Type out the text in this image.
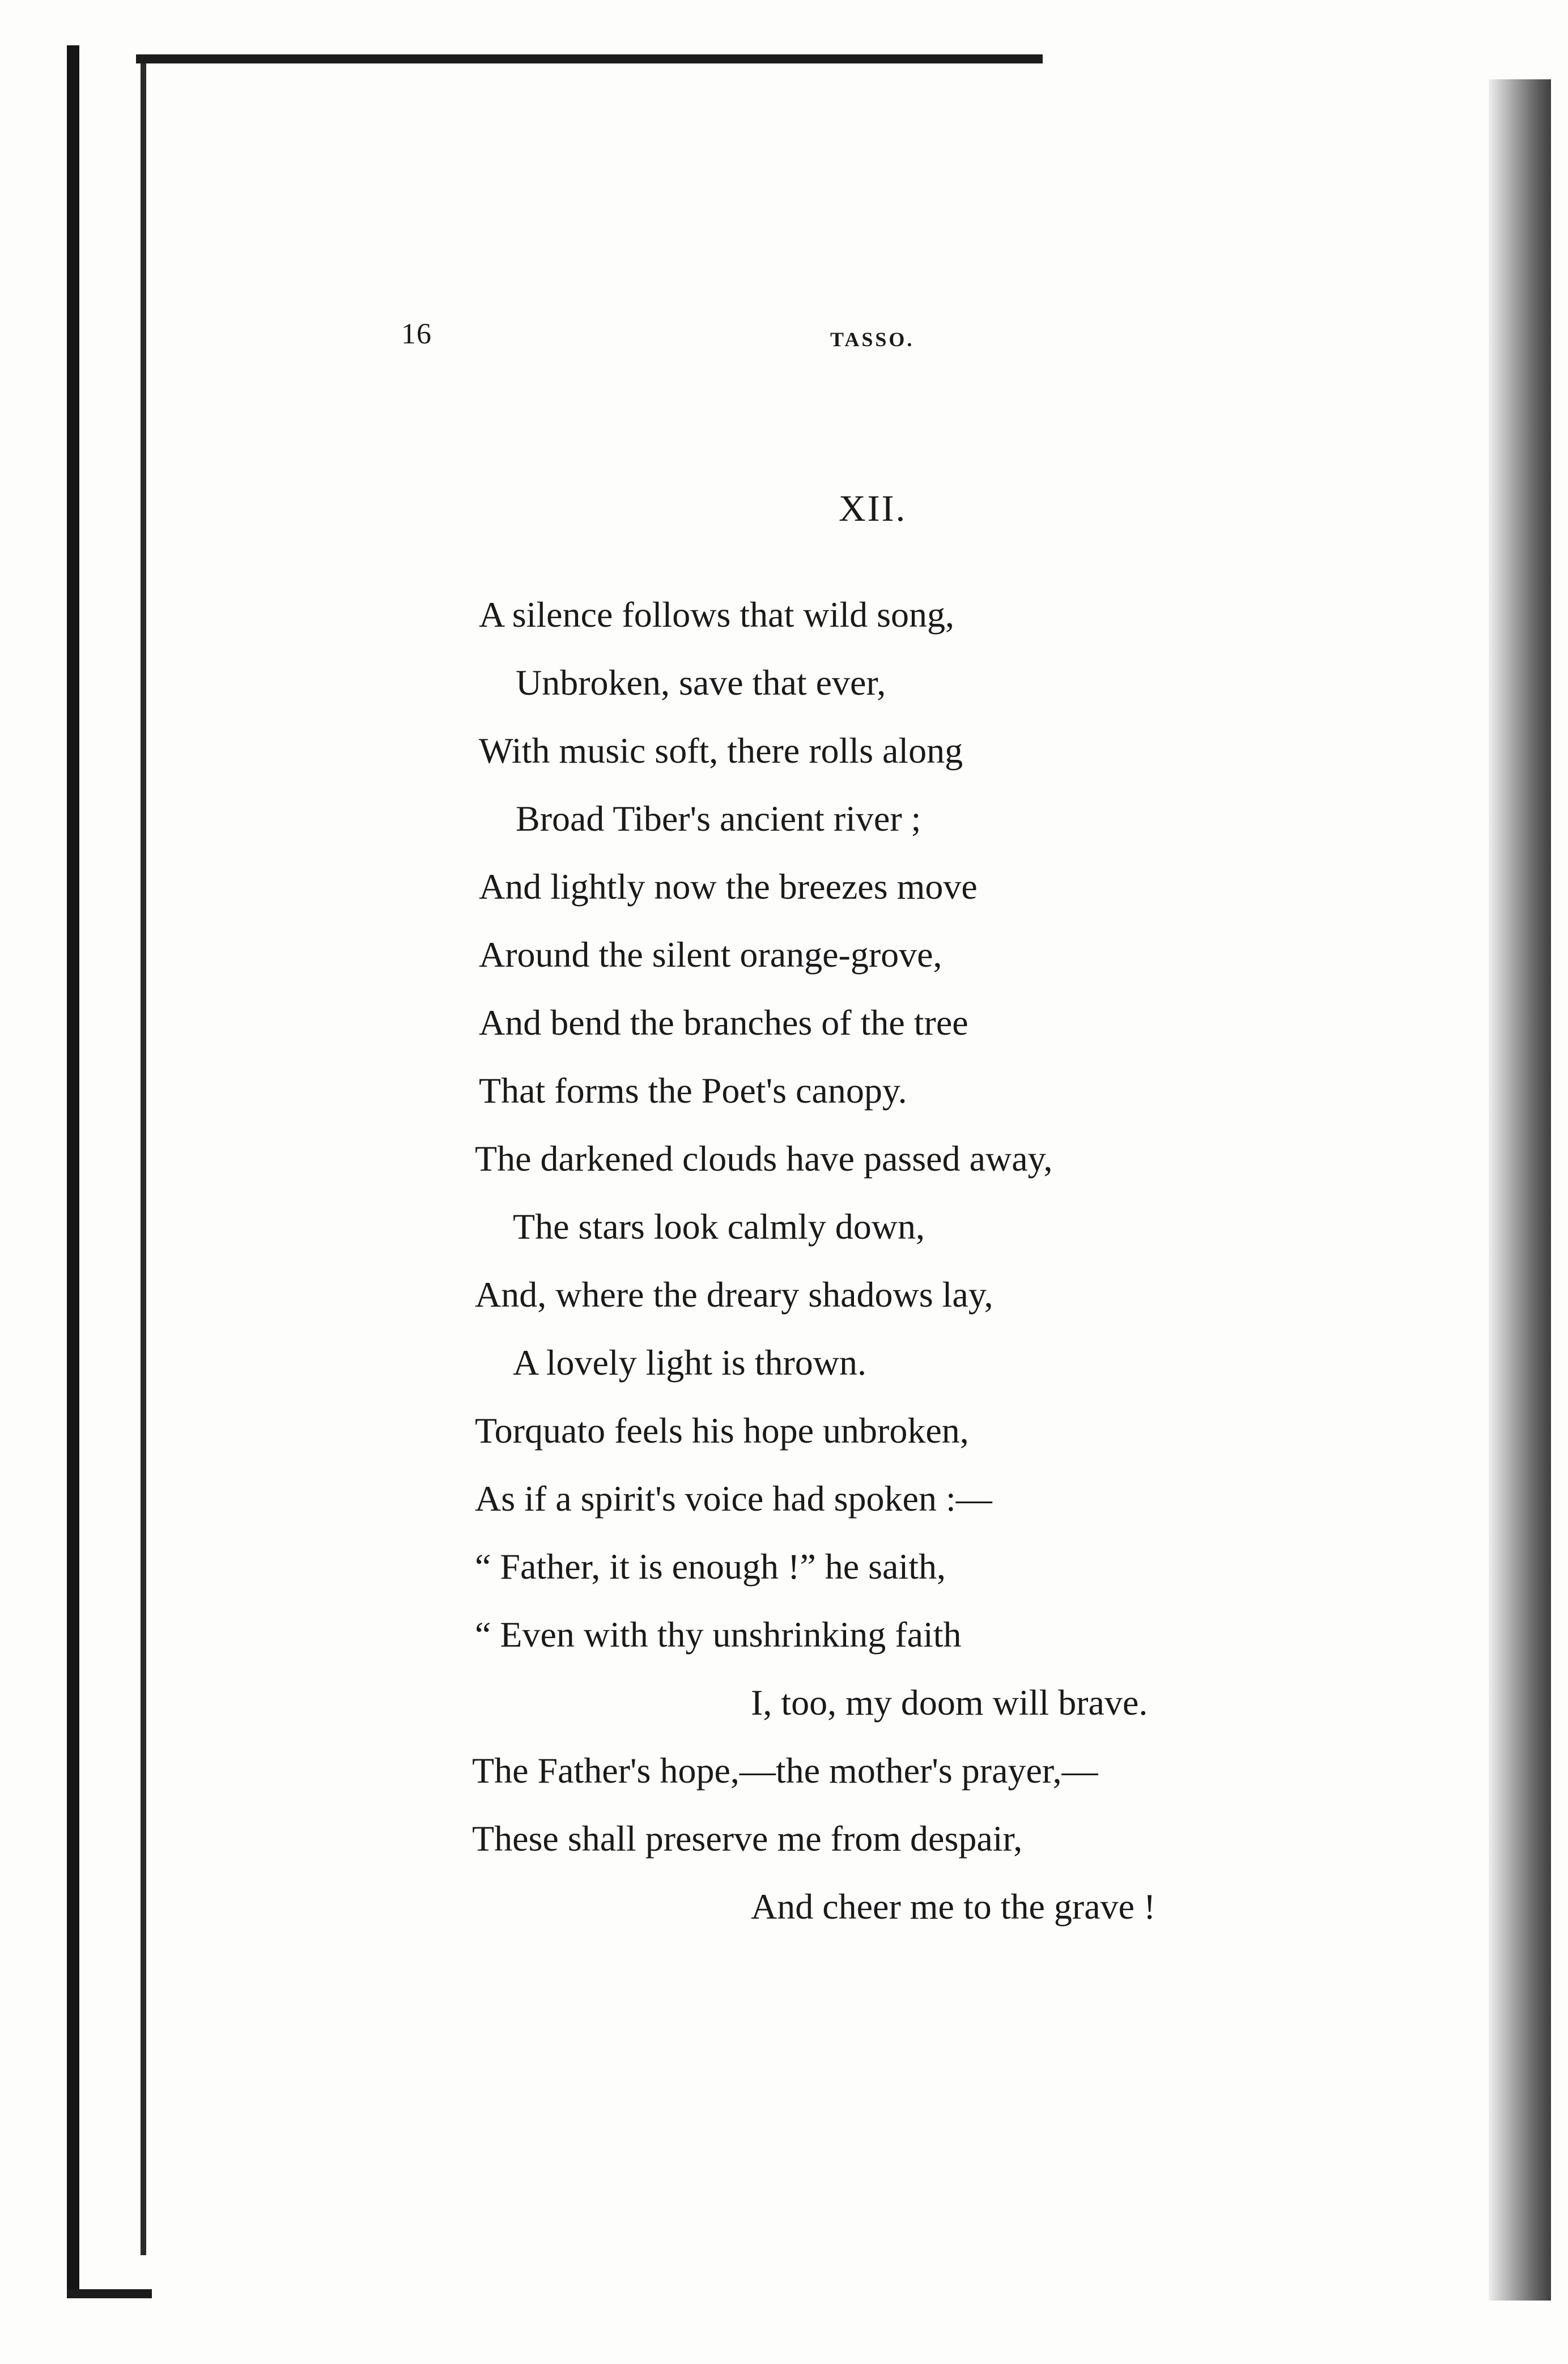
16	TASSO.
XII.
A silence follows that wild song,
Unbroken, save that ever,
With music soft, there rolls along
Broad Tiber's ancient river ;
And lightly now the breezes move
Around the silent orange-grove,
And bend the branches of the tree
That forms the Poet's canopy.
The darkened clouds have passed away,
The stars look calmly down,
And, where the dreary shadows lay,
A lovely light is thrown.
Torquato feels his hope unbroken,
As if a spirit's voice had spoken :—
“ Father, it is enough !” he saith,
“ Even with thy unshrinking faith
I, too, my doom will brave.
The Father's hope,—the mother's prayer,—
These shall preserve me from despair,
And cheer me to the grave !
